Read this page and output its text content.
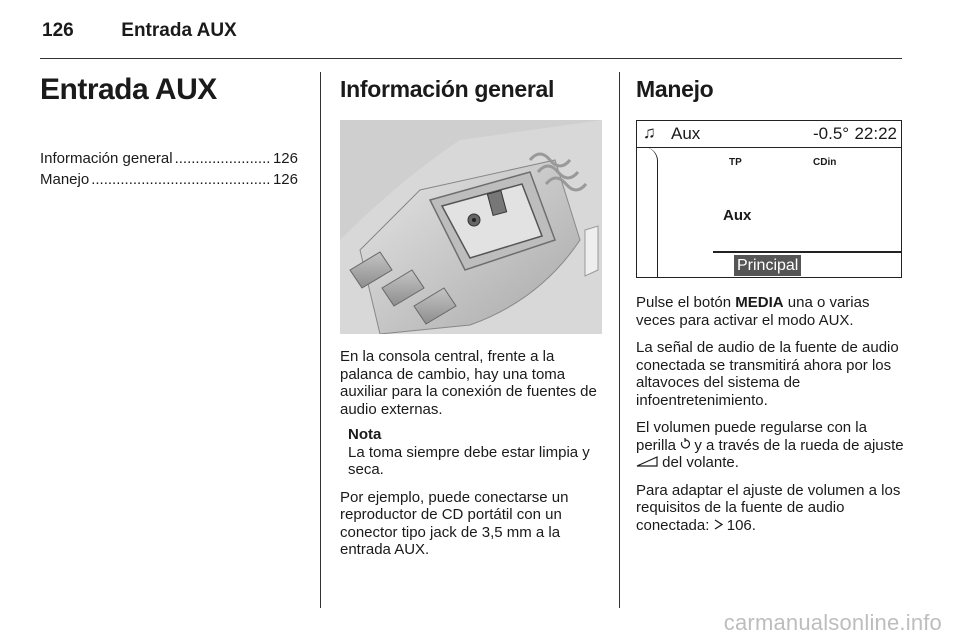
126	Entrada AUX
Entrada AUX
Información general .....	126
Manejo .....	126
Información general

En la consola central, frente a la palanca de cambio, hay una toma auxiliar para la conexión de fuentes de audio externas.

Nota

La toma siempre debe estar limpia y seca.

Por ejemplo, puede conectarse un reproductor de CD portátil con un conector tipo jack de 3,5 mm a la entrada AUX.

Manejo
♫ Aux	-0.5° 22:22
TP	CDin
Aux
Principal

Pulse el botón MEDIA una o varias veces para activar el modo AUX.

La señal de audio de la fuente de audio conectada se transmitirá ahora por los altavoces del sistema de infoentretenimiento.

El volumen puede regularse con la perilla  y a través de la rueda de ajuste  del volante.

Para adaptar el ajuste de volumen a los requisitos de la fuente de audio conectada:  106.

carmanualsonline.info
